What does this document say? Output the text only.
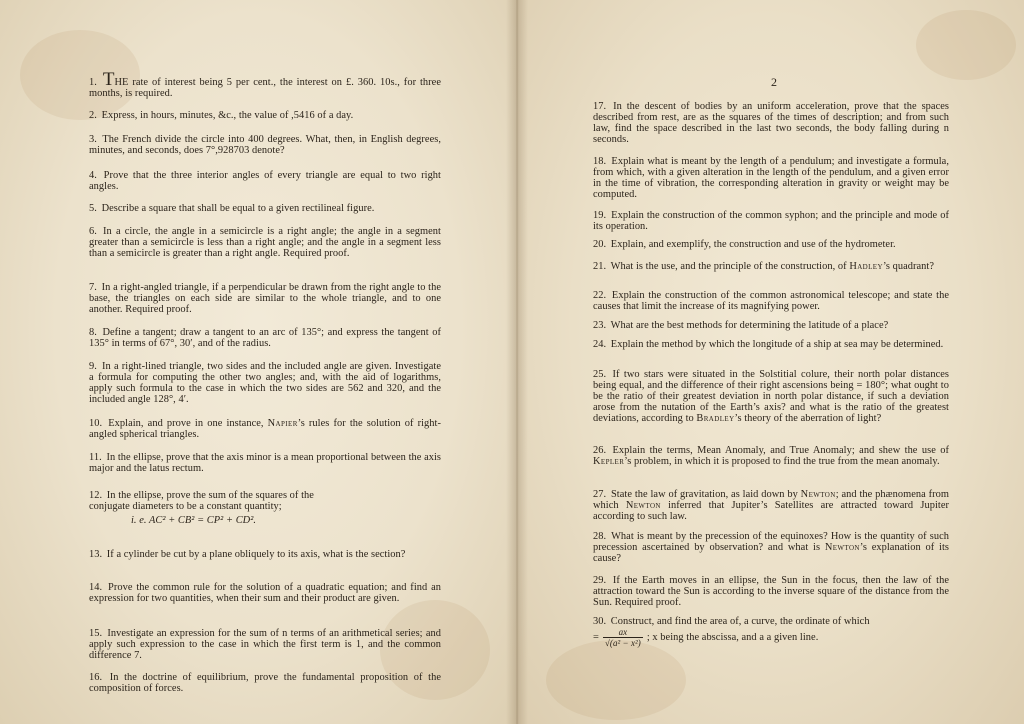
1. THE rate of interest being 5 per cent., the interest on £. 360. 10s., for three months, is required.

2. Express, in hours, minutes, &c., the value of ,5416 of a day.

3. The French divide the circle into 400 degrees. What, then, in English degrees, minutes, and seconds, does 7°,928703 denote?

4. Prove that the three interior angles of every triangle are equal to two right angles.

5. Describe a square that shall be equal to a given rectilineal figure.

6. In a circle, the angle in a semicircle is a right angle; the angle in a segment greater than a semicircle is less than a right angle; and the angle in a segment less than a semicircle is greater than a right angle. Required proof.

7. In a right-angled triangle, if a perpendicular be drawn from the right angle to the base, the triangles on each side are similar to the whole triangle, and to one another. Required proof.

8. Define a tangent; draw a tangent to an arc of 135°; and express the tangent of 135° in terms of 67°, 30′, and of the radius.

9. In a right-lined triangle, two sides and the included angle are given. Investigate a formula for computing the other two angles; and, with the aid of logarithms, apply such formula to the case in which the two sides are 562 and 320, and the included angle 128°, 4′.

10. Explain, and prove in one instance, Napier’s rules for the solution of right-angled spherical triangles.

11. In the ellipse, prove that the axis minor is a mean proportional between the axis major and the latus rectum.

12. In the ellipse, prove the sum of the squares of the conjugate diameters to be a constant quantity;
i. e. AC² + CB² = CP² + CD².

13. If a cylinder be cut by a plane obliquely to its axis, what is the section?

14. Prove the common rule for the solution of a quadratic equation; and find an expression for two quantities, when their sum and their product are given.

15. Investigate an expression for the sum of n terms of an arithmetical series; and apply such expression to the case in which the first term is 1, and the common difference 7.

16. In the doctrine of equilibrium, prove the fundamental proposition of the composition of forces.

2

17. In the descent of bodies by an uniform acceleration, prove that the spaces described from rest, are as the squares of the times of description; and from such law, find the space described in the last two seconds, the body falling during n seconds.

18. Explain what is meant by the length of a pendulum; and investigate a formula, from which, with a given alteration in the length of the pendulum, and a given error in the time of vibration, the corresponding alteration in gravity or weight may be computed.

19. Explain the construction of the common syphon; and the principle and mode of its operation.

20. Explain, and exemplify, the construction and use of the hydrometer.

21. What is the use, and the principle of the construction, of Hadley’s quadrant?

22. Explain the construction of the common astronomical telescope; and state the causes that limit the increase of its magnifying power.

23. What are the best methods for determining the latitude of a place?

24. Explain the method by which the longitude of a ship at sea may be determined.

25. If two stars were situated in the Solstitial colure, their north polar distances being equal, and the difference of their right ascensions being = 180°; what ought to be the ratio of their greatest deviation in north polar distance, if such a deviation arose from the nutation of the Earth’s axis? and what is the ratio of the greatest deviations, according to Bradley’s theory of the aberration of light?

26. Explain the terms, Mean Anomaly, and True Anomaly; and shew the use of Kepler’s problem, in which it is proposed to find the true from the mean anomaly.

27. State the law of gravitation, as laid down by Newton; and the phænomena from which Newton inferred that Jupiter’s Satellites are attracted toward Jupiter according to such law.

28. What is meant by the precession of the equinoxes? How is the quantity of such precession ascertained by observation? and what is Newton’s explanation of its cause?

29. If the Earth moves in an ellipse, the Sun in the focus, then the law of the attraction toward the Sun is according to the inverse square of the distance from the Sun. Required proof.

30. Construct, and find the area of, a curve, the ordinate of which
= $\frac{ax}{\text{√(a² − x²)}}$ ; x being the abscissa, and a a given line.
